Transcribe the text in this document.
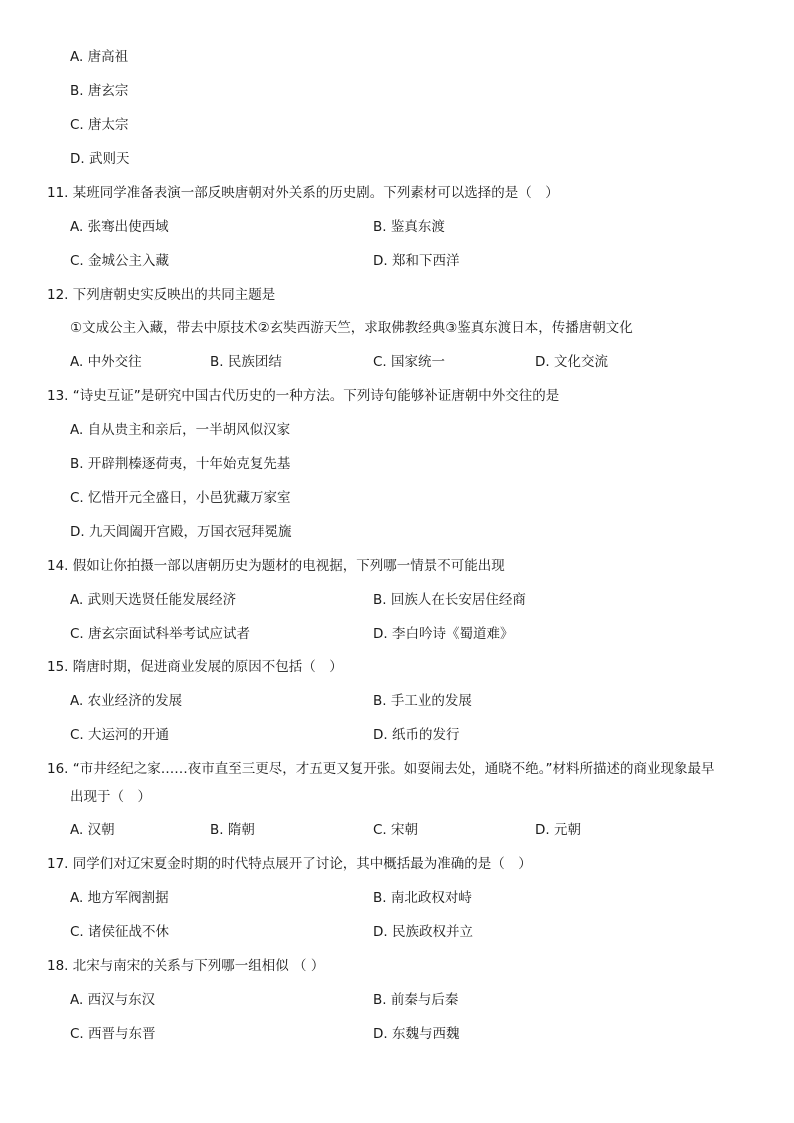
A. 唐高祖
B. 唐玄宗
C. 唐太宗
D. 武则天
11. 某班同学准备表演一部反映唐朝对外关系的历史剧。下列素材可以选择的是（　）
A. 张骞出使西域	B. 鉴真东渡
C. 金城公主入藏	D. 郑和下西洋
12. 下列唐朝史实反映出的共同主题是
①文成公主入藏，带去中原技术②玄奘西游天竺，求取佛教经典③鉴真东渡日本，传播唐朝文化
A. 中外交往	B. 民族团结	C. 国家统一	D. 文化交流
13. “诗史互证”是研究中国古代历史的一种方法。下列诗句能够补证唐朝中外交往的是
A. 自从贵主和亲后，一半胡风似汉家
B. 开辟荆榛逐荷夷，十年始克复先基
C. 忆惜开元全盛日，小邑犹藏万家室
D. 九天阊阖开宫殿，万国衣冠拜冕旒
14. 假如让你拍摄一部以唐朝历史为题材的电视据，下列哪一情景不可能出现
A. 武则天选贤任能发展经济	B. 回族人在长安居住经商
C. 唐玄宗面试科举考试应试者	D. 李白吟诗《蜀道难》
15. 隋唐时期，促进商业发展的原因不包括（　）
A. 农业经济的发展	B. 手工业的发展
C. 大运河的开通	D. 纸币的发行
16. “市井经纪之家……夜市直至三更尽，才五更又复开张。如耍闹去处，通晓不绝。”材料所描述的商业现象最早
出现于（　）
A. 汉朝	B. 隋朝	C. 宋朝	D. 元朝
17. 同学们对辽宋夏金时期的时代特点展开了讨论，其中概括最为准确的是（　）
A. 地方军阀割据	B. 南北政权对峙
C. 诸侯征战不休	D. 民族政权并立
18. 北宋与南宋的关系与下列哪一组相似 （ ）
A. 西汉与东汉	B. 前秦与后秦
C. 西晋与东晋	D. 东魏与西魏
